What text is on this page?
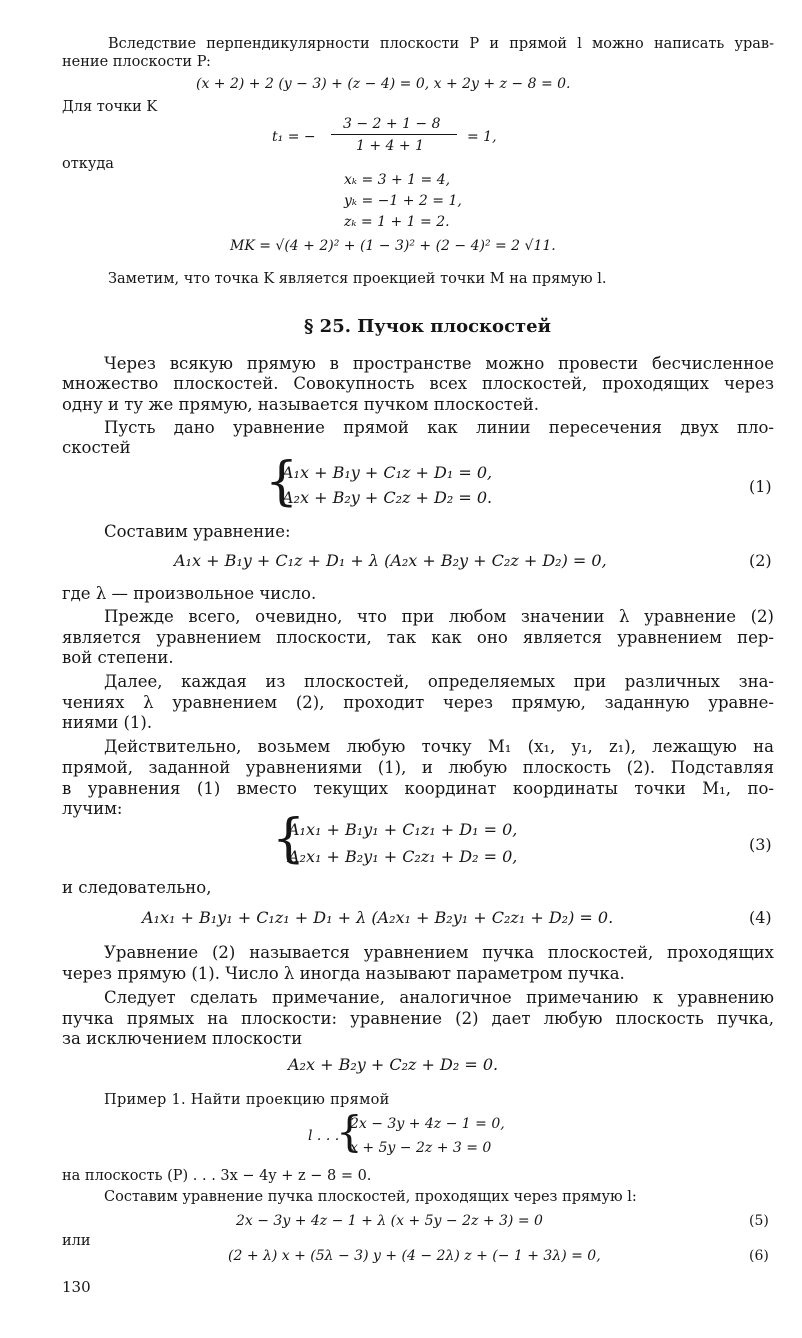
Вследствие перпендикулярности плоскости P и прямой l можно написать урав-
нение плоскости P:
(x + 2) + 2 (y − 3) + (z − 4) = 0, x + 2y + z − 8 = 0.
Для точки K
t₁ = −
3 − 2 + 1 − 8
1 + 4 + 1
= 1,
откуда
xₖ = 3 + 1 = 4,
yₖ = −1 + 2 = 1,
zₖ = 1 + 1 = 2.
MK = √(4 + 2)² + (1 − 3)² + (2 − 4)² = 2 √11.
Заметим, что точка K является проекцией точки M на прямую l.
§ 25. Пучок плоскостей
Через всякую прямую в пространстве можно провести бесчисленное
множество плоскостей. Совокупность всех плоскостей, проходящих через
одну и ту же прямую, называется пучком плоскостей.
Пусть дано уравнение прямой как линии пересечения двух пло-
скостей
{
A₁x + B₁y + C₁z + D₁ = 0,
A₂x + B₂y + C₂z + D₂ = 0.
(1)
Составим уравнение:
A₁x + B₁y + C₁z + D₁ + λ (A₂x + B₂y + C₂z + D₂) = 0,	(2)
где λ — произвольное число.
Прежде всего, очевидно, что при любом значении λ уравнение (2)
является уравнением плоскости, так как оно является уравнением пер-
вой степени.
Далее, каждая из плоскостей, определяемых при различных зна-
чениях λ уравнением (2), проходит через прямую, заданную уравне-
ниями (1).
Действительно, возьмем любую точку M₁ (x₁, y₁, z₁), лежащую на
прямой, заданной уравнениями (1), и любую плоскость (2). Подставляя
в уравнения (1) вместо текущих координат координаты точки M₁, по-
лучим:
{
A₁x₁ + B₁y₁ + C₁z₁ + D₁ = 0,
A₂x₁ + B₂y₁ + C₂z₁ + D₂ = 0,
(3)
и следовательно,
A₁x₁ + B₁y₁ + C₁z₁ + D₁ + λ (A₂x₁ + B₂y₁ + C₂z₁ + D₂) = 0.	(4)
Уравнение (2) называется уравнением пучка плоскостей, проходящих
через прямую (1). Число λ иногда называют параметром пучка.
Следует сделать примечание, аналогичное примечанию к уравнению
пучка прямых на плоскости: уравнение (2) дает любую плоскость пучка,
за исключением плоскости
A₂x + B₂y + C₂z + D₂ = 0.
Пример 1. Найти проекцию прямой
l . . .
{
2x − 3y + 4z − 1 = 0,
x + 5y − 2z + 3 = 0
на плоскость (P) . . . 3x − 4y + z − 8 = 0.
Составим уравнение пучка плоскостей, проходящих через прямую l:
2x − 3y + 4z − 1 + λ (x + 5y − 2z + 3) = 0	(5)
или
(2 + λ) x + (5λ − 3) y + (4 − 2λ) z + (− 1 + 3λ) = 0,	(6)
130
